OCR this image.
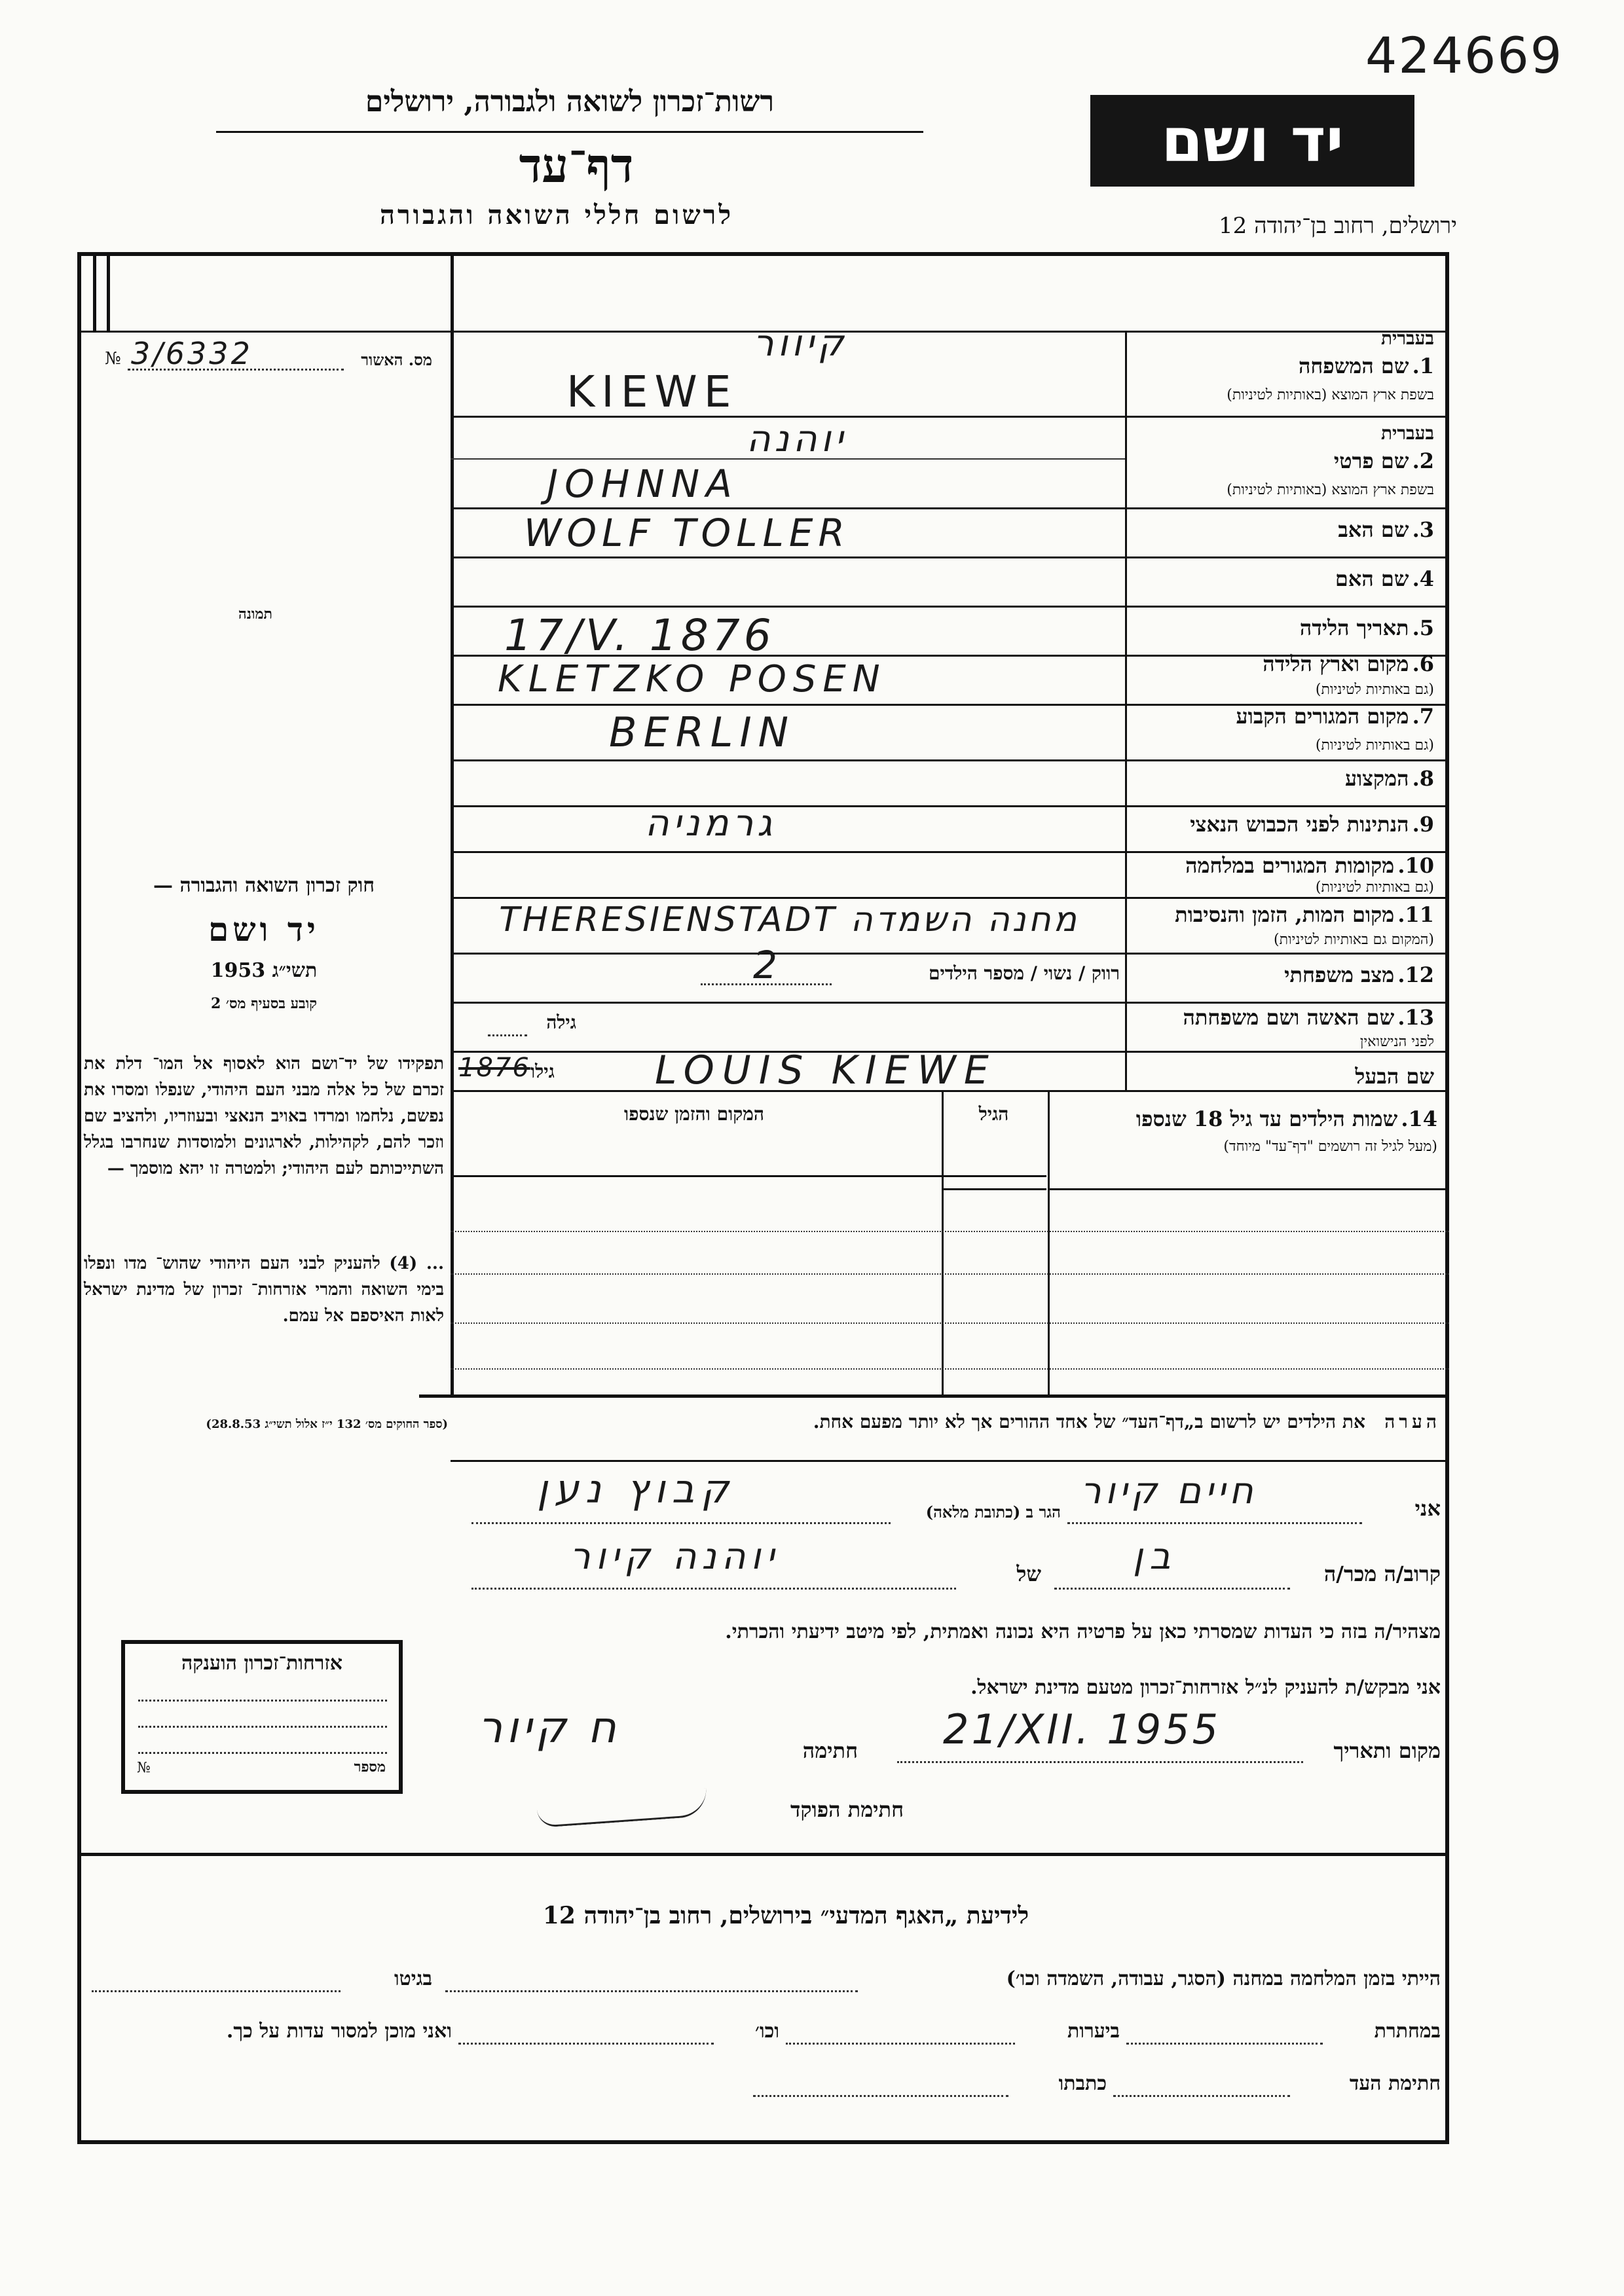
424669
רשות־זכרון לשואה ולגבורה, ירושלים
דף־עד
לרשום חללי השואה והגבורה
יד ושם
ירושלים, רחוב בן־יהודה 12
№ 3/6332	מס. האשור
תמונה
חוק זכרון השואה והגבורה —
יד ושם
תשי״ג 1953
קובע בסעיף מס׳ 2
תפקידו של יד־ושם הוא לאסוף אל המו־ דלת את זכרם של כל אלה מבני העם היהודי, שנפלו ומסרו את נפשם, נלחמו ומרדו באויב הנאצי ובעוזריו, ולהציב שם וזכר להם, לקהילות, לארגונים ולמוסדות שנחרבו בגלל השתייכותם לעם היהודי; ולמטרה זו יהא מוסמך —
... (4) להעניק לבני העם היהודי שהוש־ מדו ונפלו בימי השואה והמרי אזרחות־ זכרון של מדינת ישראל לאות האיספם אל עמם.
(ספר החוקים מס׳ 132 י״ז אלול תשי״ג 28.8.53)
אזרחות־זכרון הוענקה
מספר
№
בעברית
1. שם המשפחה
בשפת ארץ המוצא (באותיות לטיניות)
בעברית
2. שם פרטי
בשפת ארץ המוצא (באותיות לטיניות)
3. שם האב
4. שם האם
5. תאריך הלידה
6. מקום וארץ הלידה
(גם באותיות לטיניות)
7. מקום המגורים הקבוע
(גם באותיות לטיניות)
8. המקצוע
9. הנתינות לפני הכבוש הנאצי
10. מקומות המגורים במלחמה
(גם באותיות לטיניות)
11. מקום המות, הזמן והנסיבות
(המקום גם באותיות לטיניות)
12. מצב משפחתי
13. שם האשה ושם משפחתה
לפני הנישואין
שם הבעל
קיוור
KIEWE
יוהנה
JOHNNA
WOLF TOLLER
17/V. 1876
KLETZKO POSEN
BERLIN
גרמניה
THERESIENSTADT מחנה השמדה
רווק / נשוי / מספר הילדים
2
גילה
1876 גילו	LOUIS KIEWE
14. שמות הילדים עד גיל 18 שנספו
(מעל לגיל זה רושמים "דף־עד" מיוחד)
הגיל
המקום והזמן שנספו
הערה   את הילדים יש לרשום ב„דף־העד״ של אחד ההורים אך לא יותר מפעם אחת.
אני
חיים קיור
הגר ב (כתובת מלאה)
קבוץ נען
קרוב/ה מכר/ה
בן
של
יוהנה קיור
מצהיר/ה בזה כי העדות שמסרתי כאן על פרטיה היא נכונה ואמתית, לפי מיטב ידיעתי והכרתי.
אני מבקש/ת להעניק לנ״ל אזרחות־זכרון מטעם מדינת ישראל.
מקום ותאריך
21/XII. 1955
חתימה
ח קיור
חתימת הפוקד
לידיעת „האגף המדעי״ בירושלים, רחוב בן־יהודה 12
הייתי בזמן המלחמה במחנה (הסגר, עבודה, השמדה וכו׳)
בגיטו
במחתרת
ביערות
וכו׳
ואני מוכן למסור עדות על כך.
חתימת העד
כתבתו
